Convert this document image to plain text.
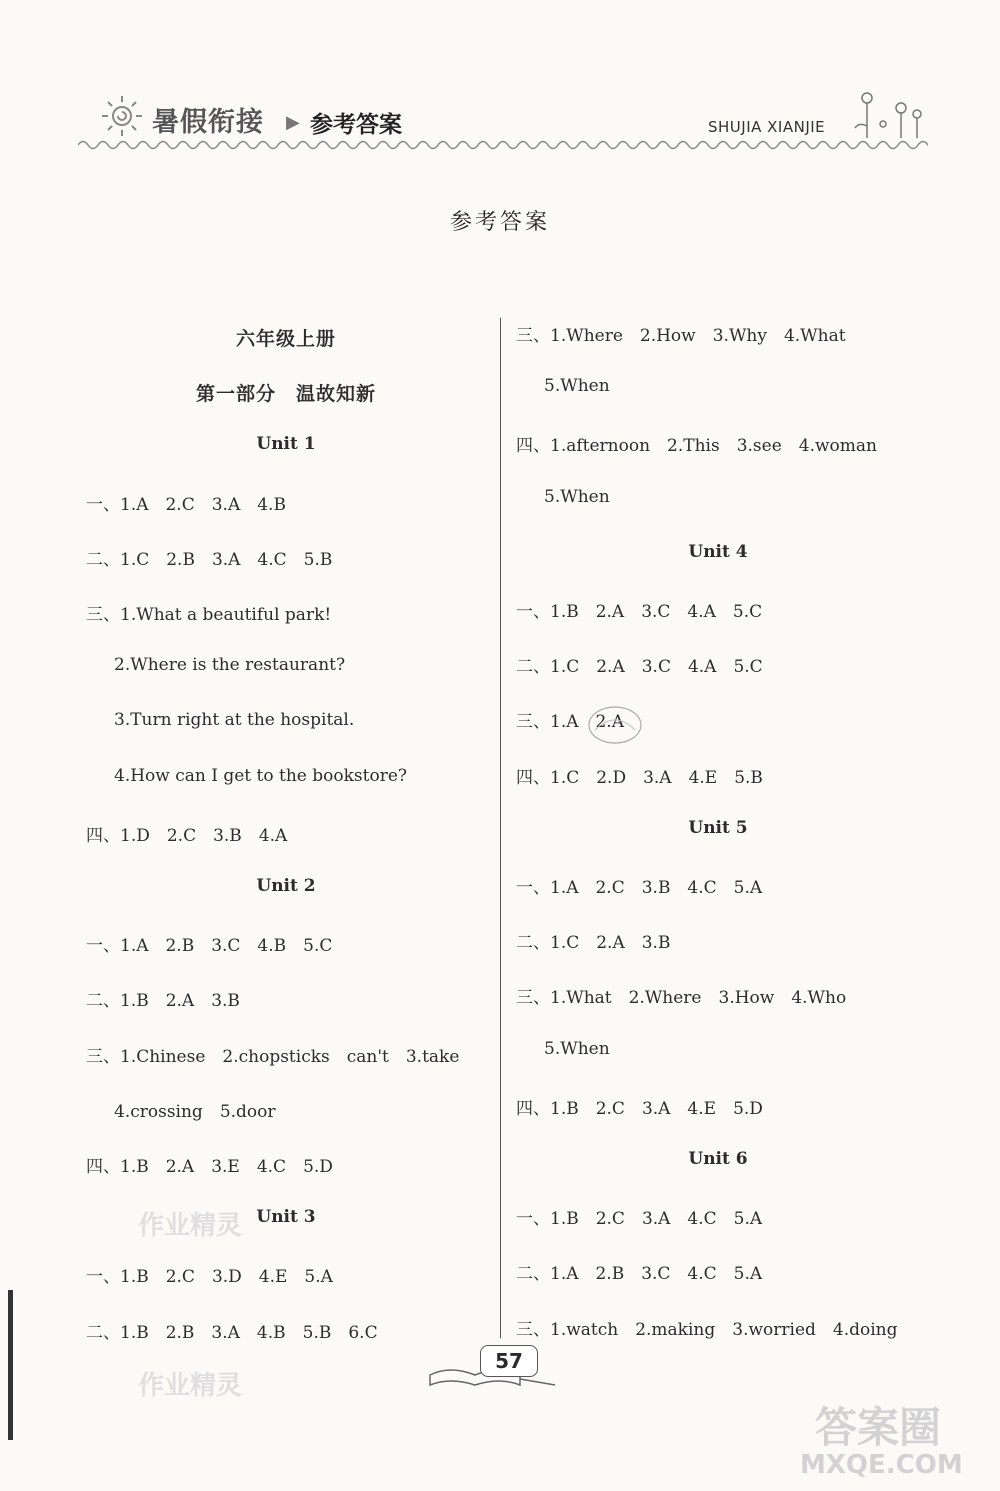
暑假衔接 ▶ 参考答案	SHUJIA XIANJIE
参考答案
六年级上册
第一部分　温故知新
Unit 1
一、1.A　2.C　3.A　4.B
二、1.C　2.B　3.A　4.C　5.B
三、1.What a beautiful park!
2.Where is the restaurant?
3.Turn right at the hospital.
4.How can I get to the bookstore?
四、1.D　2.C　3.B　4.A
Unit 2
一、1.A　2.B　3.C　4.B　5.C
二、1.B　2.A　3.B
三、1.Chinese　2.chopsticks　can't　3.take
4.crossing　5.door
四、1.B　2.A　3.E　4.C　5.D
Unit 3
一、1.B　2.C　3.D　4.E　5.A
二、1.B　2.B　3.A　4.B　5.B　6.C
三、1.Where　2.How　3.Why　4.What
5.When
四、1.afternoon　2.This　3.see　4.woman
5.When
Unit 4
一、1.B　2.A　3.C　4.A　5.C
二、1.C　2.A　3.C　4.A　5.C
三、1.A　2.A
四、1.C　2.D　3.A　4.E　5.B
Unit 5
一、1.A　2.C　3.B　4.C　5.A
二、1.C　2.A　3.B
三、1.What　2.Where　3.How　4.Who
5.When
四、1.B　2.C　3.A　4.E　5.D
Unit 6
一、1.B　2.C　3.A　4.C　5.A
二、1.A　2.B　3.C　4.C　5.A
三、1.watch　2.making　3.worried　4.doing
作业精灵
作业精灵
答案圈
MXQE.COM
57
